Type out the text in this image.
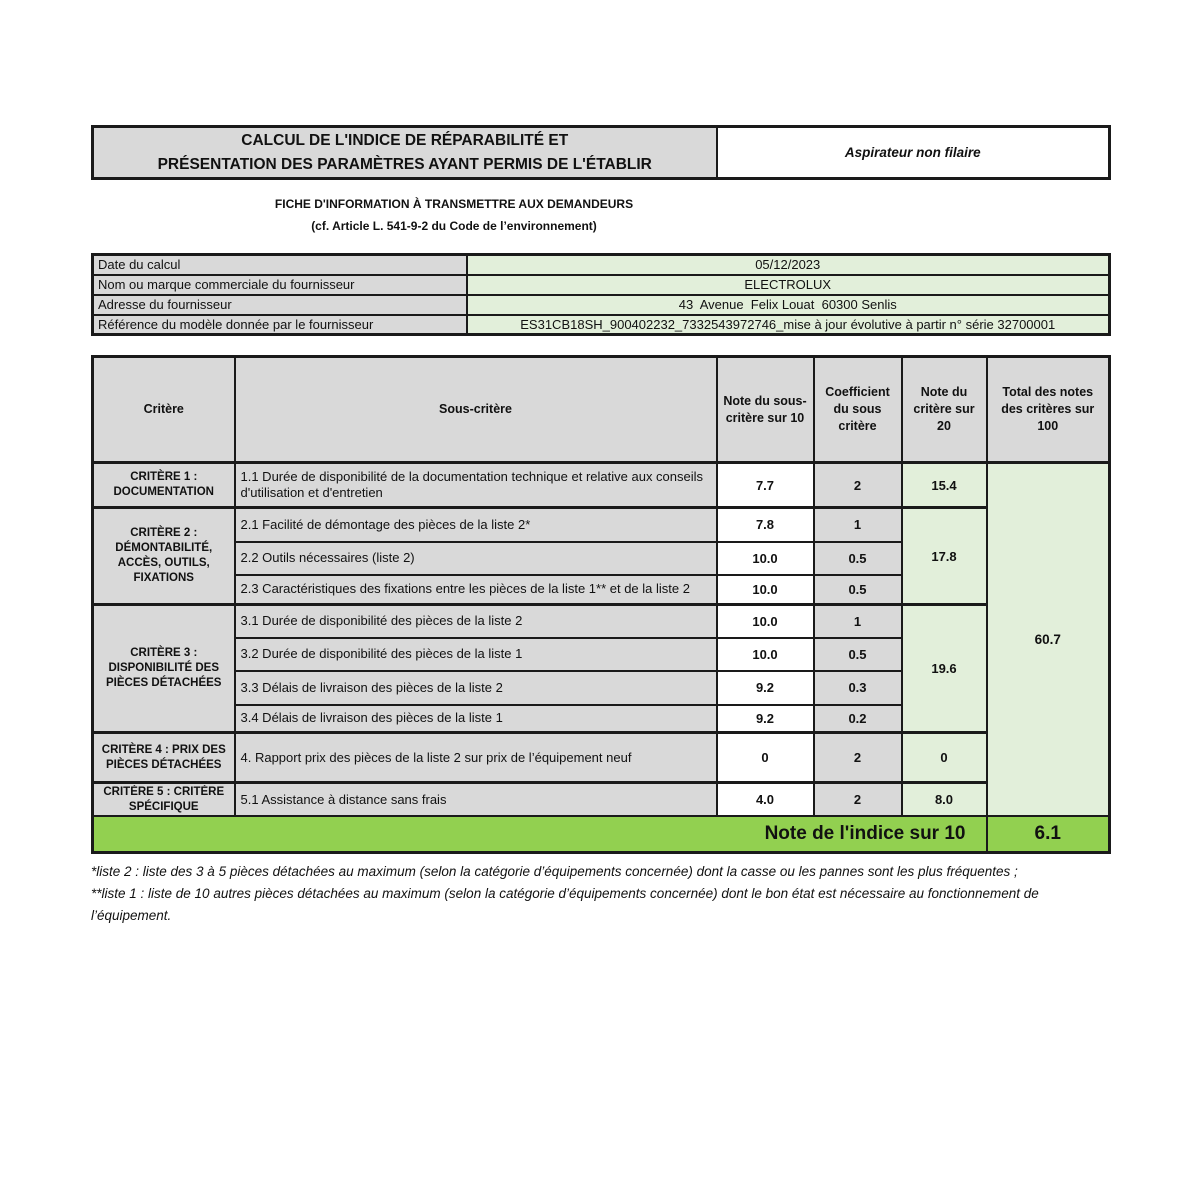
CALCUL DE L'INDICE DE RÉPARABILITÉ ET
PRÉSENTATION DES PARAMÈTRES AYANT PERMIS DE L'ÉTABLIR
	Aspirateur non filaire
FICHE D'INFORMATION À TRANSMETTRE AUX DEMANDEURS
(cf. Article L. 541-9-2 du Code de l’environnement)
Date du calcul	05/12/2023
Nom ou marque commerciale du fournisseur	ELECTROLUX
Adresse du fournisseur	43  Avenue  Felix Louat  60300 Senlis
Référence du modèle donnée par le fournisseur	ES31CB18SH_900402232_7332543972746_mise à jour évolutive à partir n° série 32700001
Critère	Sous-critère	Note du sous-critère sur 10	Coefficient du sous critère	Note du critère sur 20	Total des notes des critères sur 100
CRITÈRE 1 : DOCUMENTATION	1.1 Durée de disponibilité de la documentation technique et relative aux conseils d'utilisation et d'entretien	7.7	2	15.4	60.7
CRITÈRE 2 : DÉMONTABILITÉ, ACCÈS, OUTILS, FIXATIONS	2.1 Facilité de démontage des pièces de la liste 2*	7.8	1	17.8	
	2.2 Outils nécessaires (liste 2)	10.0	0.5		
	2.3 Caractéristiques des fixations entre les pièces de la liste 1** et de la liste 2	10.0	0.5		
CRITÈRE 3 : DISPONIBILITÉ DES PIÈCES DÉTACHÉES	3.1 Durée de disponibilité des pièces de la liste 2	10.0	1	19.6	
	3.2 Durée de disponibilité des pièces de la liste 1	10.0	0.5		
	3.3 Délais de livraison des pièces de la liste 2	9.2	0.3		
	3.4 Délais de livraison des pièces de la liste 1	9.2	0.2		
CRITÈRE 4 : PRIX DES PIÈCES DÉTACHÉES	4. Rapport prix des pièces de la liste 2 sur prix de l’équipement neuf	0	2	0	

CRITÈRE 5 : CRITÈRE SPÉCIFIQUE	5.1 Assistance à distance sans frais	4.0	2	8.0	
Note de l'indice sur 10					6.1
*liste 2 : liste des 3 à 5 pièces détachées au maximum (selon la catégorie d’équipements concernée) dont la casse ou les pannes sont les plus fréquentes ;
**liste 1 : liste de 10 autres pièces détachées au maximum (selon la catégorie d’équipements concernée) dont le bon état est nécessaire au fonctionnement de l’équipement.
